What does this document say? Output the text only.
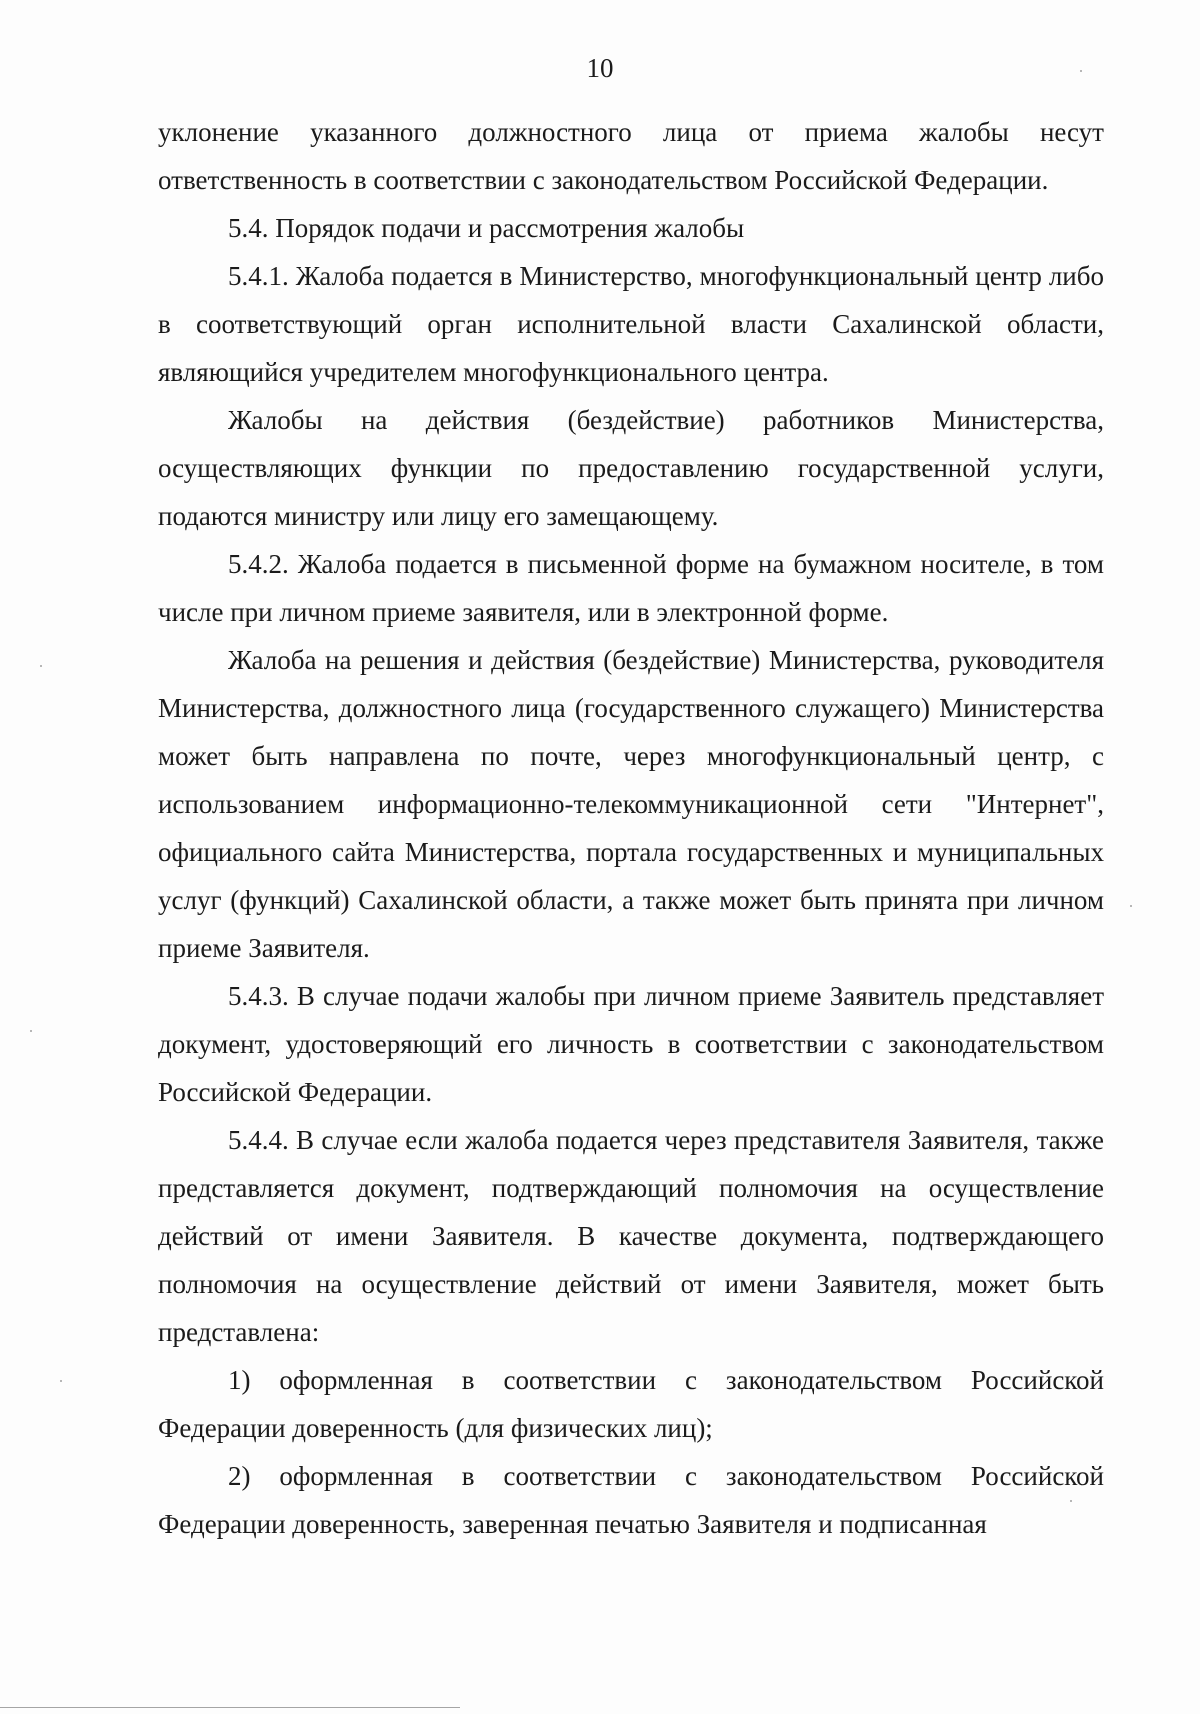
10

уклонение указанного должностного лица от приема жалобы несут ответственность в соответствии с законодательством Российской Федерации.

5.4. Порядок подачи и рассмотрения жалобы

5.4.1. Жалоба подается в Министерство, многофункциональный центр либо в соответствующий орган исполнительной власти Сахалинской области, являющийся учредителем многофункционального центра.

Жалобы на действия (бездействие) работников Министерства, осуществляющих функции по предоставлению государственной услуги, подаются министру или лицу его замещающему.

5.4.2. Жалоба подается в письменной форме на бумажном носителе, в том числе при личном приеме заявителя, или в электронной форме.

Жалоба на решения и действия (бездействие) Министерства, руководителя Министерства, должностного лица (государственного служащего) Министерства может быть направлена по почте, через многофункциональный центр, с использованием информационно-телекоммуникационной сети "Интернет", официального сайта Министерства, портала государственных и муниципальных услуг (функций) Сахалинской области, а также может быть принята при личном приеме Заявителя.

5.4.3. В случае подачи жалобы при личном приеме Заявитель представляет документ, удостоверяющий его личность в соответствии с законодательством Российской Федерации.

5.4.4. В случае если жалоба подается через представителя Заявителя, также представляется документ, подтверждающий полномочия на осуществление действий от имени Заявителя. В качестве документа, подтверждающего полномочия на осуществление действий от имени Заявителя, может быть представлена:

1) оформленная в соответствии с законодательством Российской Федерации доверенность (для физических лиц);

2) оформленная в соответствии с законодательством Российской Федерации доверенность, заверенная печатью Заявителя и подписанная
